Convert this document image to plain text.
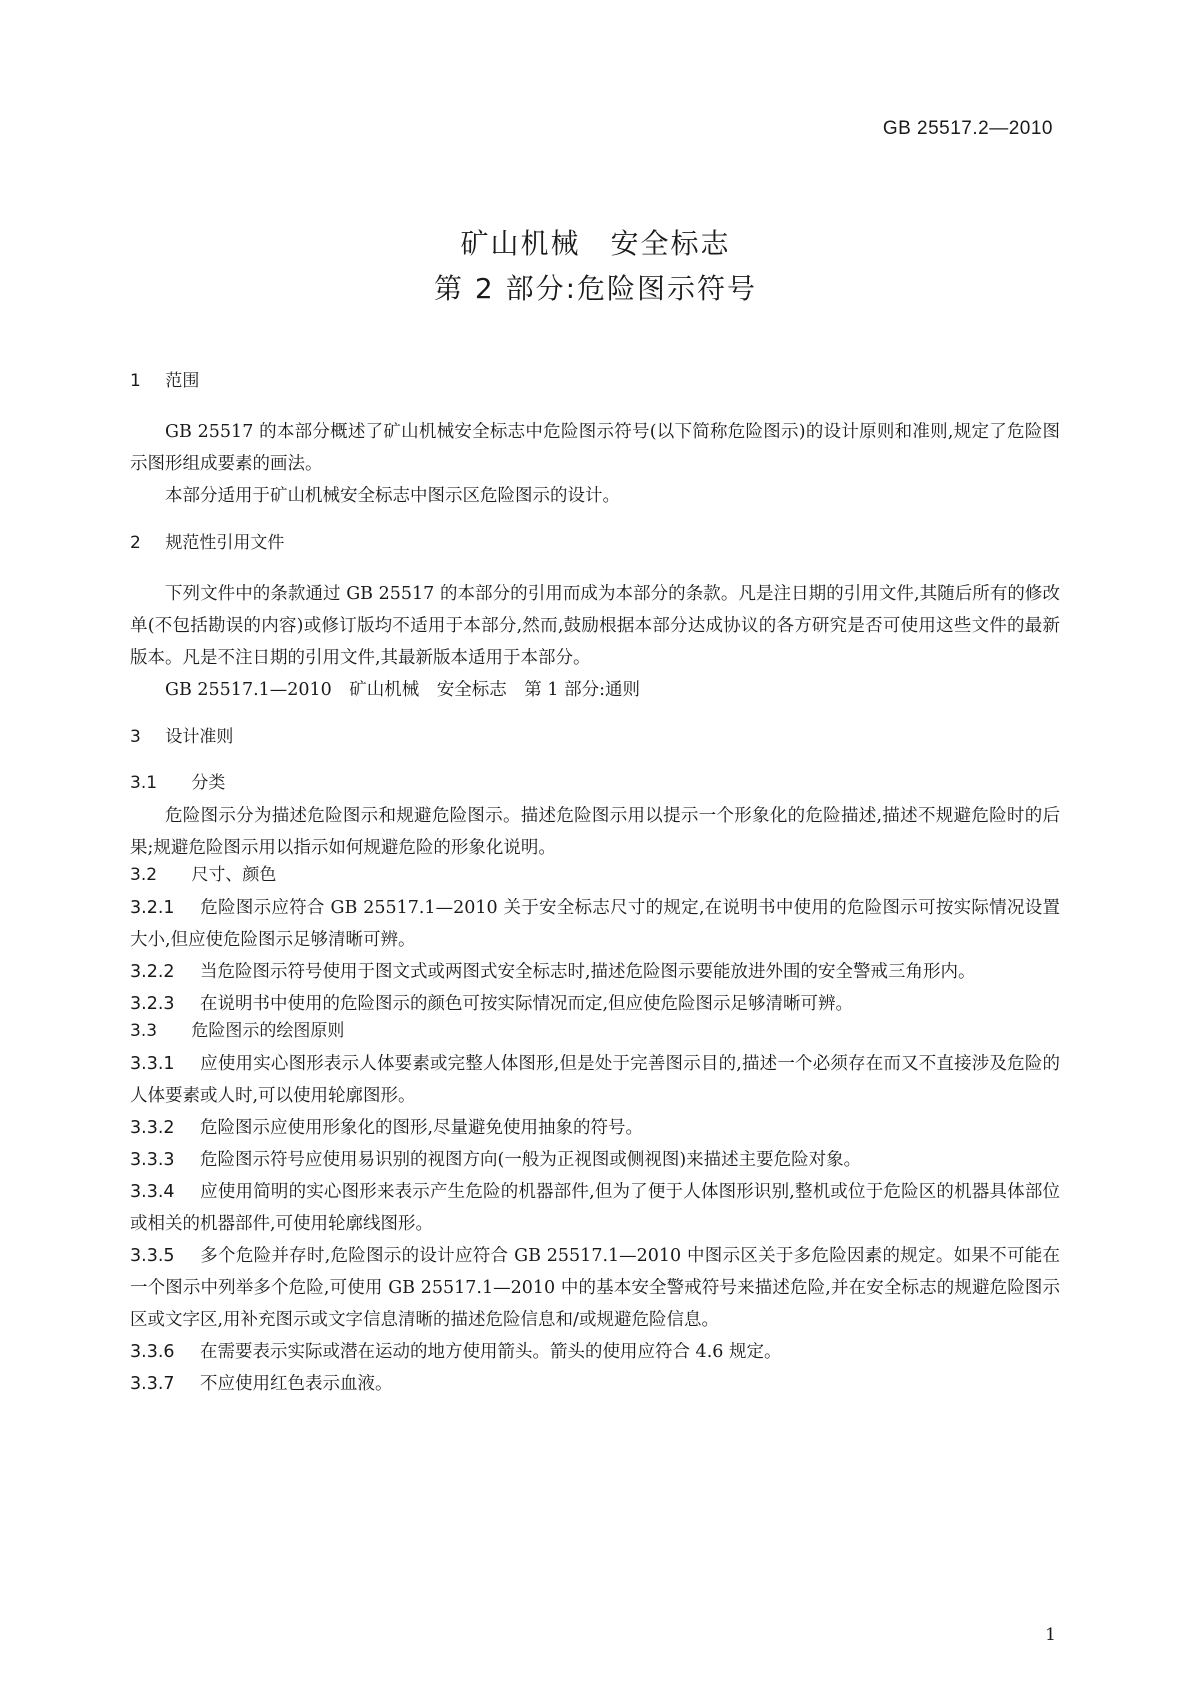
GB 25517.2—2010
矿山机械　安全标志
第 2 部分:危险图示符号
1 范围

GB 25517 的本部分概述了矿山机械安全标志中危险图示符号(以下简称危险图示)的设计原则和准则,规定了危险图示图形组成要素的画法。

本部分适用于矿山机械安全标志中图示区危险图示的设计。

2 规范性引用文件

下列文件中的条款通过 GB 25517 的本部分的引用而成为本部分的条款。凡是注日期的引用文件,其随后所有的修改单(不包括勘误的内容)或修订版均不适用于本部分,然而,鼓励根据本部分达成协议的各方研究是否可使用这些文件的最新版本。凡是不注日期的引用文件,其最新版本适用于本部分。

GB 25517.1—2010　矿山机械　安全标志　第 1 部分:通则

3 设计准则
3.1 分类

危险图示分为描述危险图示和规避危险图示。描述危险图示用以提示一个形象化的危险描述,描述不规避危险时的后果;规避危险图示用以指示如何规避危险的形象化说明。

3.2 尺寸、颜色

3.2.1 危险图示应符合 GB 25517.1—2010 关于安全标志尺寸的规定,在说明书中使用的危险图示可按实际情况设置大小,但应使危险图示足够清晰可辨。

3.2.2 当危险图示符号使用于图文式或两图式安全标志时,描述危险图示要能放进外围的安全警戒三角形内。

3.2.3 在说明书中使用的危险图示的颜色可按实际情况而定,但应使危险图示足够清晰可辨。

3.3 危险图示的绘图原则

3.3.1 应使用实心图形表示人体要素或完整人体图形,但是处于完善图示目的,描述一个必须存在而又不直接涉及危险的人体要素或人时,可以使用轮廓图形。

3.3.2 危险图示应使用形象化的图形,尽量避免使用抽象的符号。

3.3.3 危险图示符号应使用易识别的视图方向(一般为正视图或侧视图)来描述主要危险对象。

3.3.4 应使用简明的实心图形来表示产生危险的机器部件,但为了便于人体图形识别,整机或位于危险区的机器具体部位或相关的机器部件,可使用轮廓线图形。

3.3.5 多个危险并存时,危险图示的设计应符合 GB 25517.1—2010 中图示区关于多危险因素的规定。如果不可能在一个图示中列举多个危险,可使用 GB 25517.1—2010 中的基本安全警戒符号来描述危险,并在安全标志的规避危险图示区或文字区,用补充图示或文字信息清晰的描述危险信息和/或规避危险信息。

3.3.6 在需要表示实际或潜在运动的地方使用箭头。箭头的使用应符合 4.6 规定。

3.3.7 不应使用红色表示血液。

1
